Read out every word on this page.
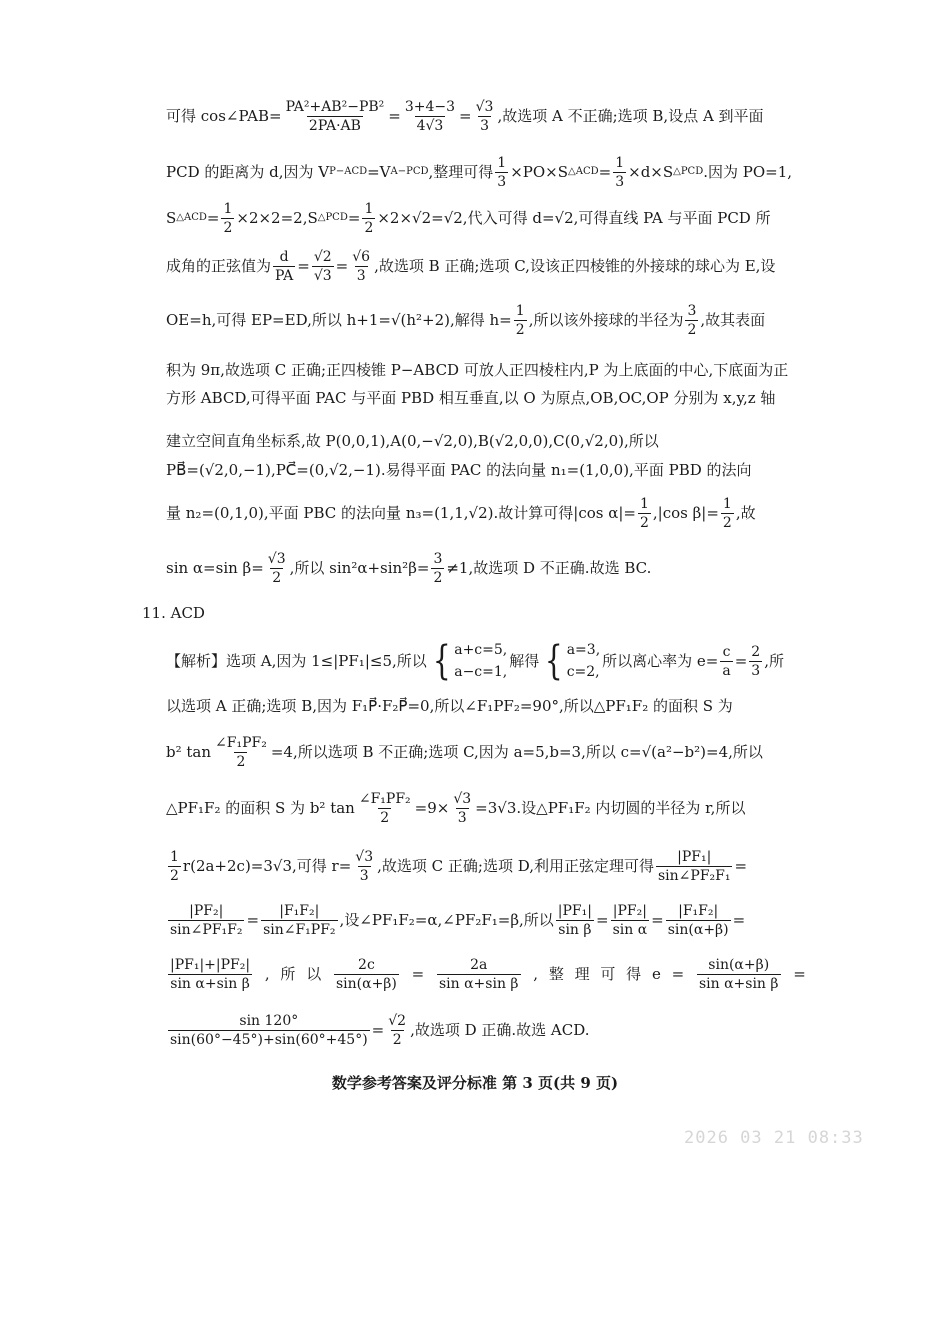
可得 cos∠PAB= $\frac{\text{PA²+AB²−PB²}}{2PA\cdot AB} = \frac{3+4-3}{4√3} = \frac{√3}{3}$ ,故选项 A 不正确;选项 B,设点 A 到平面
PCD 的距离为 d,因为 V P−ACD =V A−PCD ,整理可得 $\frac{1}{3} \times PO\times S$ △ACD = $\frac{1}{3} \times d\times S$ △PCD .因为 PO=1,
S △ACD = $\frac{1}{2} \times 2\times 2=2,S$ △PCD = $\frac{1}{2} \times 2\times√2=√2$,代入可得 d=√2,可得直线 PA 与平面 PCD 所
成角的正弦值为 $\frac{d}{PA} = \frac{√2}{√3} = \frac{√6}{3}$ ,故选项 B 正确;选项 C,设该正四棱锥的外接球的球心为 E,设
OE=h,可得 EP=ED,所以 h+1=√(h²+2),解得 $h= \frac{1}{2}$ ,所以该外接球的半径为 $\frac{3}{2}$ ,故其表面
积为 9π,故选项 C 正确;正四棱锥 P−ABCD 可放人正四棱柱内,P 为上底面的中心,下底面为正
方形 ABCD,可得平面 PAC 与平面 PBD 相互垂直,以 O 为原点,OB,OC,OP 分别为 x,y,z 轴
建立空间直角坐标系,故 P(0,0,1),A(0,−√2,0),B(√2,0,0),C(0,√2,0),所以
PB⃗=(√2,0,−1),PC⃗=(0,√2,−1).易得平面 PAC 的法向量 n₁=(1,0,0),平面 PBD 的法向
量 n₂=(0,1,0),平面 PBC 的法向量 n₃=(1,1,√2).故计算可得|cos $\alpha|= \frac{1}{2} ,|\cos$ $\beta|= \frac{1}{2}$ ,故
sin α=sin $\beta= \frac{√3}{2}$ ,所以 $\sin^2\alpha+\sin^2\beta= \frac{3}{2} \ne 1$,故选项 D 不正确.故选 BC.
【解析】选项 A,因为 1≤|PF₁|≤5,所以 { a+c=5,
a−c=1,
解得 { a=3,
c=2,
所以离心率为 $e= \frac{c}{a} = \frac{2}{3}$ ,所
以选项 A 正确;选项 B,因为 F₁P⃗·F₂P⃗=0,所以∠F₁PF₂=90°,所以△PF₁F₂ 的面积 S 为
b² $\tan \frac{\text{∠F₁PF₂}}{2} =4$,所以选项 B 不正确;选项 C,因为 a=5,b=3,所以 c=√(a²−b²)=4,所以
△PF₁F₂ 的面积 S 为 b² $\tan \frac{\text{∠F₁PF₂}}{2} =9\times \frac{√3}{3} =3√3$.设△PF₁F₂ 内切圆的半径为 r,所以
$\frac{1}{2} r(2a+2c)=3√3$,可得 $r= \frac{√3}{3}$ ,故选项 C 正确;选项 D,利用正弦定理可得 $\frac{\text{|PF₁|}}{\text{sin∠PF₂F₁}}$ =
$\frac{\text{|PF₂|}}{\text{sin∠PF₁F₂}} = \frac{\text{|F₁F₂|}}{\text{sin∠F₁PF₂}}$ ,设∠PF₁F₂=α,∠PF₂F₁=β,所以 $\frac{\text{|PF₁|}}{\text{sin β}} = \frac{\text{|PF₂|}}{\text{sin α}} = \frac{\text{|F₁F₂|}}{\sin(\alpha+\beta)}$ =
$\frac{\text{|PF₁|+|PF₂|}}{\text{sin α+sin β}}$ , 所 以 $\frac{2c}{\sin(\alpha+\beta)} = \frac{2a}{\text{sin α+sin β}}$ , 整 理 可 得 $e = \frac{\sin(\alpha+\beta)}{\text{sin α+sin β}}$ =
$\frac{\sin 120^\circ}{\sin(60^\circ-45^\circ)+\sin(60^\circ+45^\circ)} = \frac{√2}{2}$ ,故选项 D 正确.故选 ACD.
11. ACD
数学参考答案及评分标准 第 3 页(共 9 页)
2026 03 21 08:33
